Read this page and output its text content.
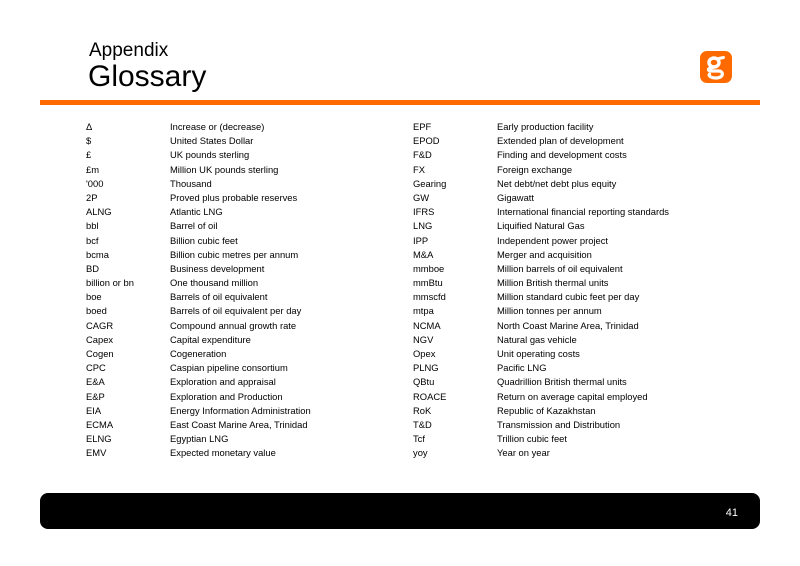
Appendix
Glossary
Δ	Increase or (decrease)
$	United States Dollar
£	UK pounds sterling
£m	Million UK pounds sterling
'000	Thousand
2P	Proved plus probable reserves
ALNG	Atlantic LNG
bbl	Barrel of oil
bcf	Billion cubic feet
bcma	Billion cubic metres per annum
BD	Business development
billion or bn	One thousand million
boe	Barrels of oil equivalent
boed	Barrels of oil equivalent per day
CAGR	Compound annual growth rate
Capex	Capital expenditure
Cogen	Cogeneration
CPC	Caspian pipeline consortium
E&A	Exploration and appraisal
E&P	Exploration and Production
EIA	Energy Information Administration
ECMA	East Coast Marine Area, Trinidad
ELNG	Egyptian LNG
EMV	Expected monetary value
EPF	Early production facility
EPOD	Extended plan of development
F&D	Finding and development costs
FX	Foreign exchange
Gearing	Net debt/net debt plus equity
GW	Gigawatt
IFRS	International financial reporting standards
LNG	Liquified Natural Gas
IPP	Independent power project
M&A	Merger and acquisition
mmboe	Million barrels of oil equivalent
mmBtu	Million British thermal units
mmscfd	Million standard cubic feet per day
mtpa	Million tonnes per annum
NCMA	North Coast Marine Area, Trinidad
NGV	Natural gas vehicle
Opex	Unit operating costs
PLNG	Pacific LNG
QBtu	Quadrillion British thermal units
ROACE	Return on average capital employed
RoK	Republic of Kazakhstan
T&D	Transmission and Distribution
Tcf	Trillion cubic feet
yoy	Year on year
41
